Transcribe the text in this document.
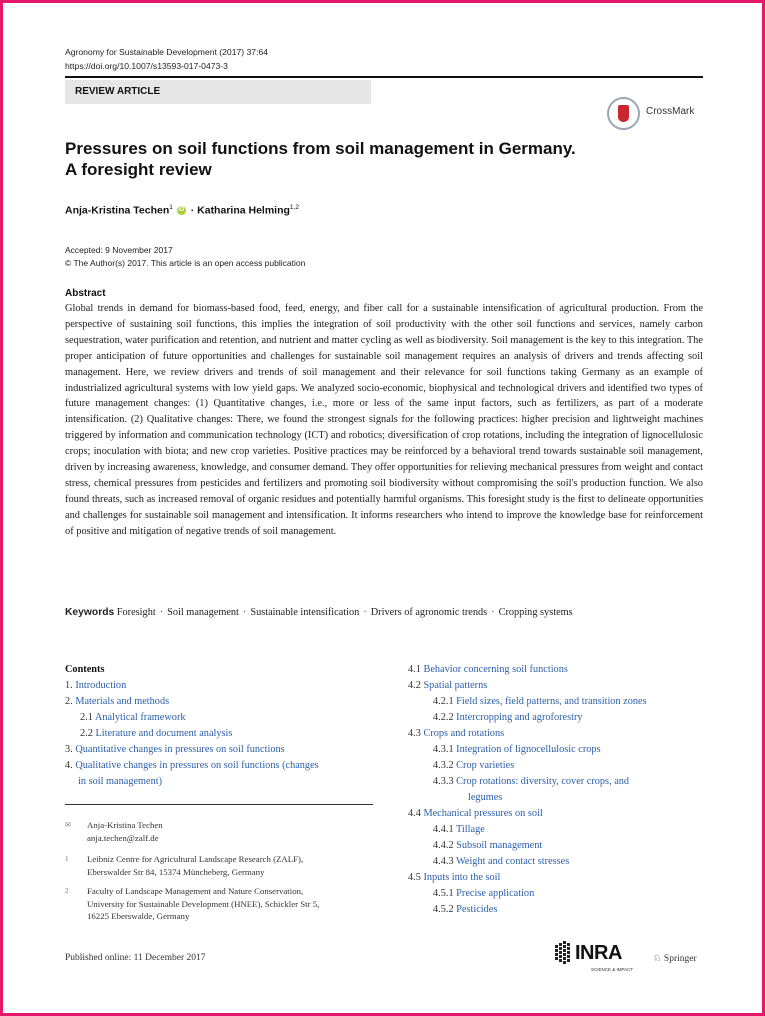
Agronomy for Sustainable Development (2017) 37:64
https://doi.org/10.1007/s13593-017-0473-3
REVIEW ARTICLE
CrossMark
Pressures on soil functions from soil management in Germany.
A foresight review
Anja-Kristina Techen$^1$ iD · Katharina Helming$^{1,2}$
Accepted: 9 November 2017
© The Author(s) 2017. This article is an open access publication
Abstract

Global trends in demand for biomass-based food, feed, energy, and fiber call for a sustainable intensification of agricultural production. From the perspective of sustaining soil functions, this implies the integration of soil productivity with the other soil functions and services, namely carbon sequestration, water purification and retention, and nutrient and matter cycling as well as biodiversity. Soil management is the key to this integration. The proper anticipation of future opportunities and challenges for sustainable soil management requires an analysis of drivers and trends affecting soil management. Here, we review drivers and trends of soil management and their relevance for soil functions taking Germany as an example of industrialized agricultural systems with low yield gaps. We analyzed socio-economic, biophysical and technological drivers and identified two types of future management changes: (1) Quantitative changes, i.e., more or less of the same input factors, such as fertilizers, as part of a moderate intensification. (2) Qualitative changes: There, we found the strongest signals for the following practices: higher precision and lightweight machines triggered by information and communication technology (ICT) and robotics; diversification of crop rotations, including the integration of lignocellulosic crops; inoculation with biota; and new crop varieties. Positive practices may be reinforced by a behavioral trend towards sustainable soil management, driven by increasing awareness, knowledge, and consumer demand. They offer opportunities for relieving mechanical pressures from weight and contact stress, chemical pressures from pesticides and fertilizers and promoting soil biodiversity without compromising the soil's production function. We also found threats, such as increased removal of organic residues and potentially harmful organisms. This foresight study is the first to delineate opportunities and challenges for sustainable soil management and intensification. It informs researchers who intend to improve the knowledge base for reinforcement of positive and mitigation of negative trends of soil management.

Keywords Foresight · Soil management · Sustainable intensification · Drivers of agronomic trends · Cropping systems
Contents
1. Introduction
2. Materials and methods
2.1 Analytical framework
2.2 Literature and document analysis
3. Quantitative changes in pressures on soil functions
4. Qualitative changes in pressures on soil functions (changes
in soil management)
✉ Anja-Kristina Techen
anja.techen@zalf.de
1 Leibniz Centre for Agricultural Landscape Research (ZALF),
Eberswalder Str 84, 15374 Müncheberg, Germany
2 Faculty of Landscape Management and Nature Conservation,
University for Sustainable Development (HNEE), Schickler Str 5,
16225 Eberswalde, Germany
4.1 Behavior concerning soil functions
4.2 Spatial patterns
4.2.1 Field sizes, field patterns, and transition zones
4.2.2 Intercropping and agroforestry
4.3 Crops and rotations
4.3.1 Integration of lignocellulosic crops
4.3.2 Crop varieties
4.3.3 Crop rotations: diversity, cover crops, and
legumes
4.4 Mechanical pressures on soil
4.4.1 Tillage
4.4.2 Subsoil management
4.4.3 Weight and contact stresses
4.5 Inputs into the soil
4.5.1 Precise application
4.5.2 Pesticides
Published online: 11 December 2017	INRA
SCIENCE & IMPACT
♘ Springer
